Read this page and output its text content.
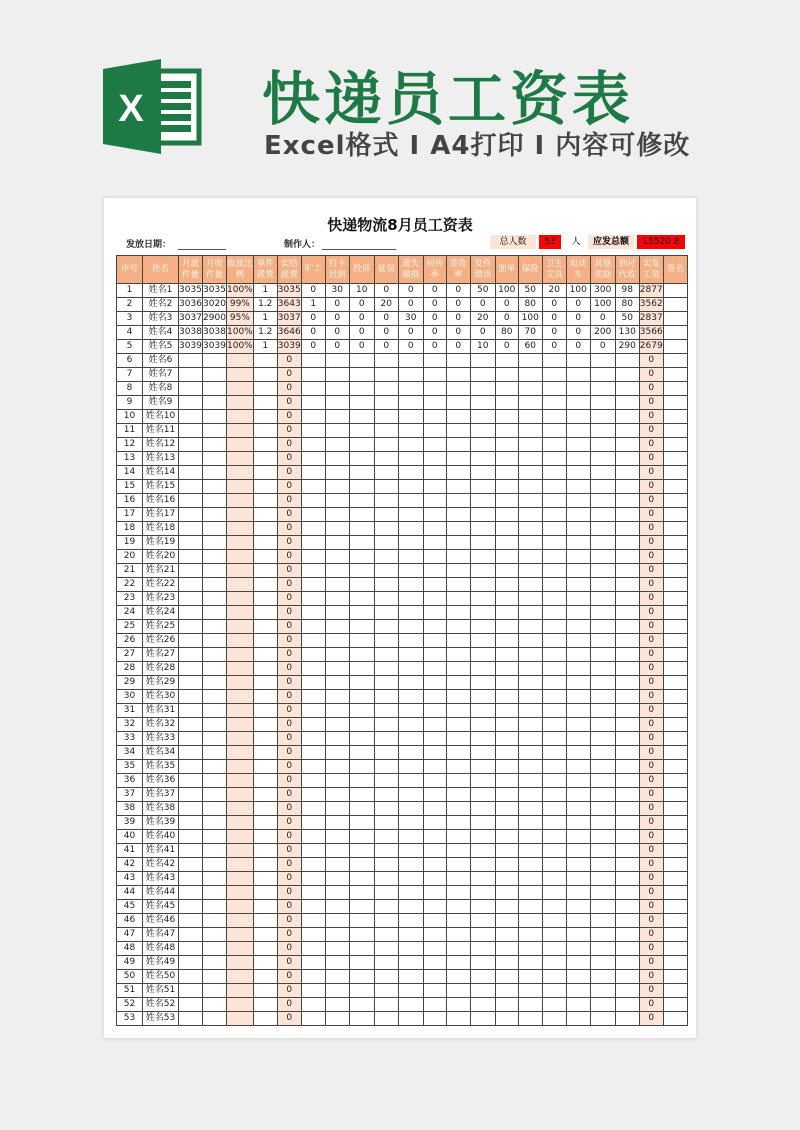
X 快递员工资表
Excel格式 I A4打印 I 内容可修改
快递物流8月员工资表
发放日期：	制作人：	总人数	53	人	应发总额	15520.8
序号	姓名	月派件量	月收件量	收派比例	单件派费	实结派费	旷工	打卡迟到	投诉	延误	遗失破损	回传率	签收率	发件错误	面单	保险	卫生文具	电动车	其他奖励	到付代收	实发工资	签名
1	姓名1	3035	3035	100%	1	3035	0	30	10	0	0	0	0	50	100	50	20	100	300	98	2877	
2	姓名2	3036	3020	99%	1.2	3643	1	0	0	20	0	0	0	0	0	80	0	0	100	80	3562	
3	姓名3	3037	2900	95%	1	3037	0	0	0	0	30	0	0	20	0	100	0	0	0	50	2837	
4	姓名4	3038	3038	100%	1.2	3646	0	0	0	0	0	0	0	0	80	70	0	0	200	130	3566	
5	姓名5	3039	3039	100%	1	3039	0	0	0	0	0	0	0	10	0	60	0	0	0	290	2679	
6	姓名6					0															0	
7	姓名7					0															0	
8	姓名8					0															0	
9	姓名9					0															0	
10	姓名10					0															0	
11	姓名11					0															0	
12	姓名12					0															0	
13	姓名13					0															0	
14	姓名14					0															0	
15	姓名15					0															0	
16	姓名16					0															0	
17	姓名17					0															0	
18	姓名18					0															0	
19	姓名19					0															0	
20	姓名20					0															0	
21	姓名21					0															0	
22	姓名22					0															0	
23	姓名23					0															0	
24	姓名24					0															0	
25	姓名25					0															0	
26	姓名26					0															0	
27	姓名27					0															0	
28	姓名28					0															0	
29	姓名29					0															0	
30	姓名30					0															0	
31	姓名31					0															0	
32	姓名32					0															0	
33	姓名33					0															0	
34	姓名34					0															0	
35	姓名35					0															0	
36	姓名36					0															0	
37	姓名37					0															0	
38	姓名38					0															0	
39	姓名39					0															0	
40	姓名40					0															0	
41	姓名41					0															0	
42	姓名42					0															0	
43	姓名43					0															0	
44	姓名44					0															0	
45	姓名45					0															0	
46	姓名46					0															0	
47	姓名47					0															0	
48	姓名48					0															0	
49	姓名49					0															0	
50	姓名50					0															0	
51	姓名51					0															0	
52	姓名52					0															0	
53	姓名53					0															0	
